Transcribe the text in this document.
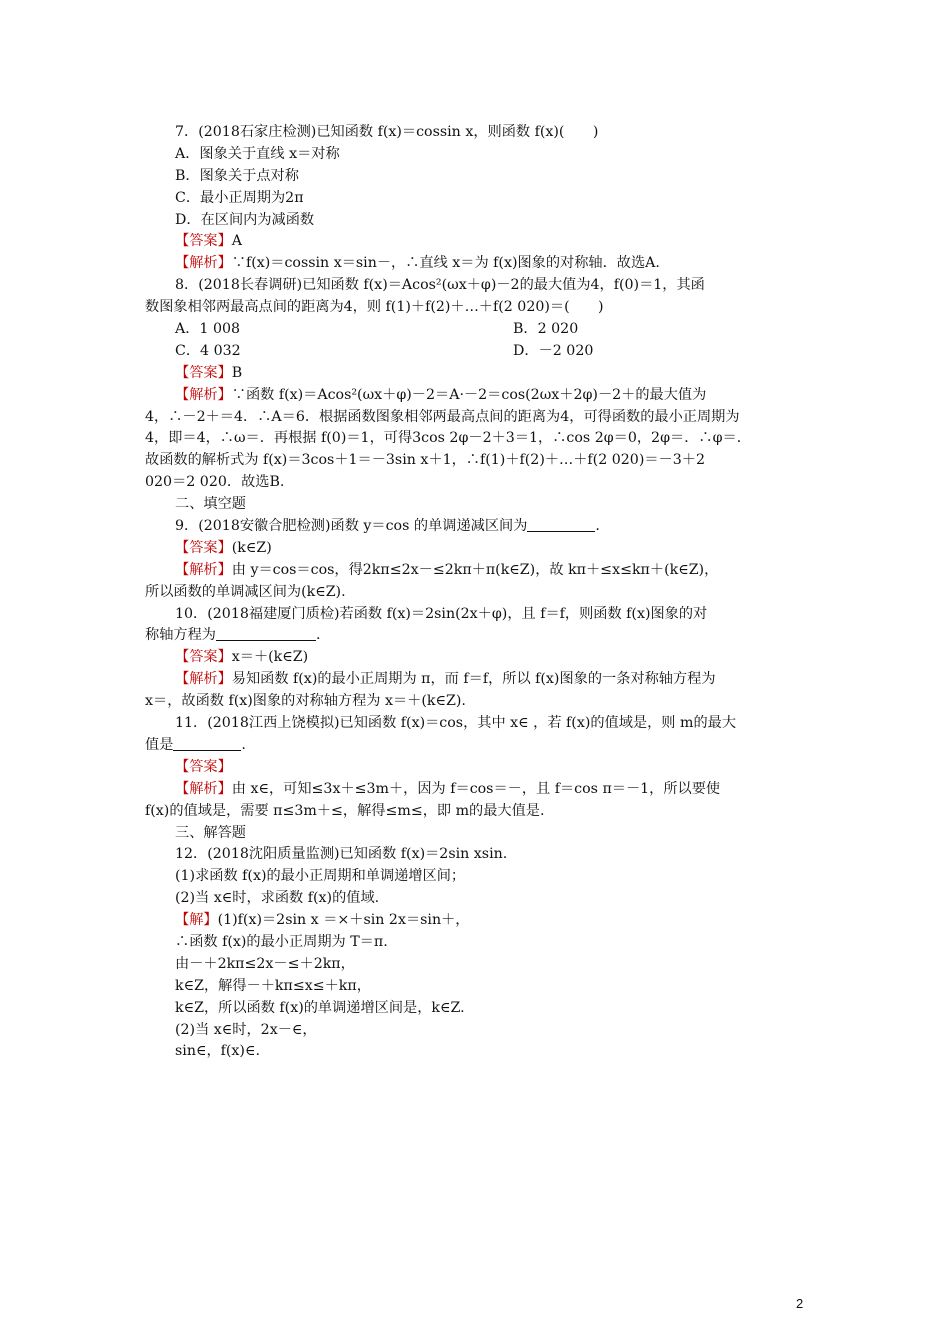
7．(2018石家庄检测)已知函数 f(x)＝cossin x，则函数 f(x)(　　)
A．图象关于直线 x＝对称
B．图象关于点对称
C．最小正周期为2π
D．在区间内为减函数
【答案】A
【解析】∵f(x)＝cossin x＝sin－，∴直线 x＝为 f(x)图象的对称轴．故选A.
8．(2018长春调研)已知函数 f(x)＝Acos²(ωx＋φ)－2的最大值为4，f(0)＝1，其函
数图象相邻两最高点间的距离为4，则 f(1)＋f(2)＋…＋f(2 020)＝(　　)
A．1 008	B．2 020
C．4 032	D．－2 020
【答案】B
【解析】∵函数 f(x)＝Acos²(ωx＋φ)－2＝A·－2＝cos(2ωx＋2φ)－2＋的最大值为
4，∴－2＋＝4．∴A＝6．根据函数图象相邻两最高点间的距离为4，可得函数的最小正周期为
4，即＝4，∴ω＝．再根据 f(0)＝1，可得3cos 2φ－2＋3＝1，∴cos 2φ＝0，2φ＝．∴φ＝．
故函数的解析式为 f(x)＝3cos＋1＝－3sin x＋1，∴f(1)＋f(2)＋…＋f(2 020)＝－3＋2
020＝2 020．故选B.
二、填空题
9．(2018安徽合肥检测)函数 y＝cos 的单调递减区间为	.
【答案】(k∈Z)
【解析】由 y＝cos＝cos，得2kπ≤2x－≤2kπ＋π(k∈Z)，故 kπ＋≤x≤kπ＋(k∈Z)，
所以函数的单调减区间为(k∈Z).
10．(2018福建厦门质检)若函数 f(x)＝2sin(2x＋φ)，且 f＝f，则函数 f(x)图象的对
称轴方程为	.
【答案】x＝＋(k∈Z)
【解析】易知函数 f(x)的最小正周期为 π，而 f＝f，所以 f(x)图象的一条对称轴方程为
x＝，故函数 f(x)图象的对称轴方程为 x＝＋(k∈Z).
11．(2018江西上饶模拟)已知函数 f(x)＝cos，其中 x∈ ，若 f(x)的值域是，则 m的最大
值是	.
【答案】
【解析】由 x∈，可知≤3x＋≤3m＋，因为 f＝cos＝－，且 f＝cos π＝－1，所以要使
f(x)的值域是，需要 π≤3m＋≤，解得≤m≤，即 m的最大值是.
三、解答题
12．(2018沈阳质量监测)已知函数 f(x)＝2sin xsin.
(1)求函数 f(x)的最小正周期和单调递增区间；
(2)当 x∈时，求函数 f(x)的值域.
【解】(1)f(x)＝2sin x ＝×＋sin 2x＝sin＋，
∴函数 f(x)的最小正周期为 T＝π.
由－＋2kπ≤2x－≤＋2kπ，
k∈Z，解得－＋kπ≤x≤＋kπ，
k∈Z，所以函数 f(x)的单调递增区间是，k∈Z.
(2)当 x∈时，2x－∈，
sin∈，f(x)∈.
2
